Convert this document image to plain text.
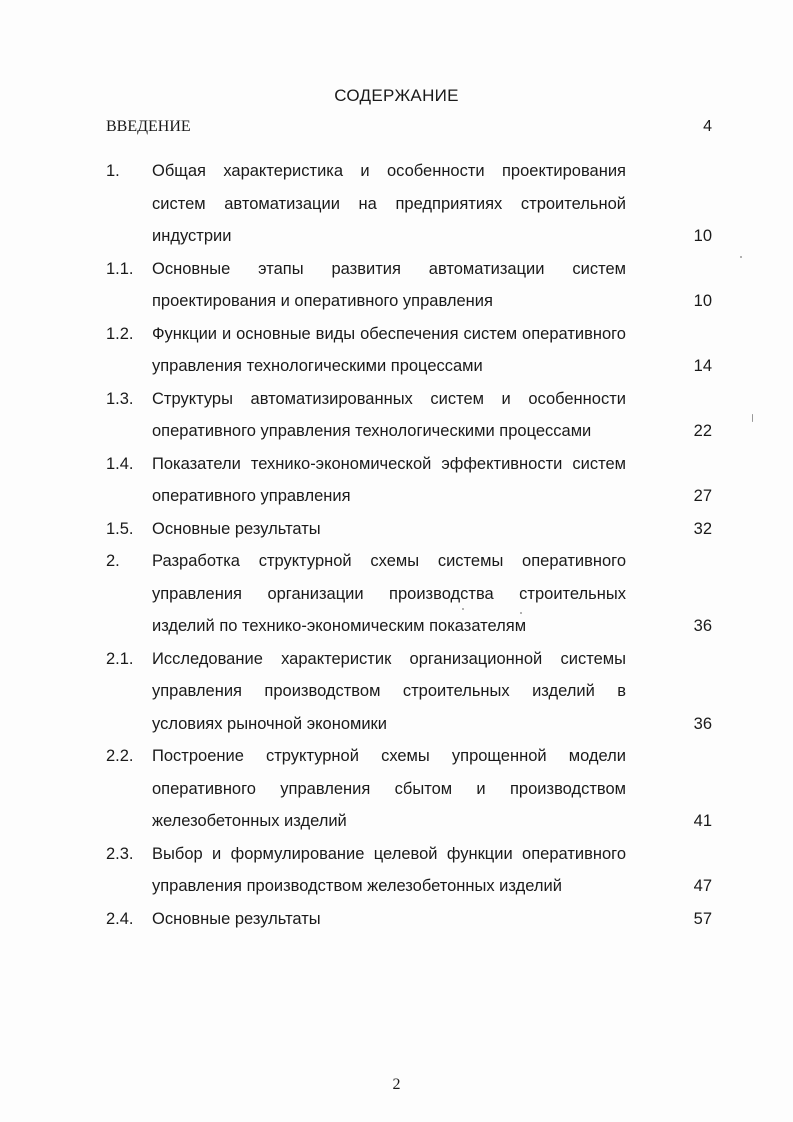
СОДЕРЖАНИЕ
ВВЕДЕНИЕ	4
1. Общая характеристика и особенности проектирования систем автоматизации на предприятиях строительной индустрии	10
1.1. Основные этапы развития автоматизации систем проектирования и оперативного управления	10
1.2. Функции и основные виды обеспечения систем оперативного управления технологическими процессами	14
1.3. Структуры автоматизированных систем и особенности оперативного управления технологическими процессами	22
1.4. Показатели технико-экономической эффективности систем оперативного управления	27
1.5. Основные результаты	32
2. Разработка структурной схемы системы оперативного управления организации производства строительных изделий по технико-экономическим показателям	36
2.1. Исследование характеристик организационной системы управления производством строительных изделий в условиях рыночной экономики	36
2.2. Построение структурной схемы упрощенной модели оперативного управления сбытом и производством железобетонных изделий	41
2.3. Выбор и формулирование целевой функции оперативного управления производством железобетонных изделий	47
2.4. Основные результаты	57
2
